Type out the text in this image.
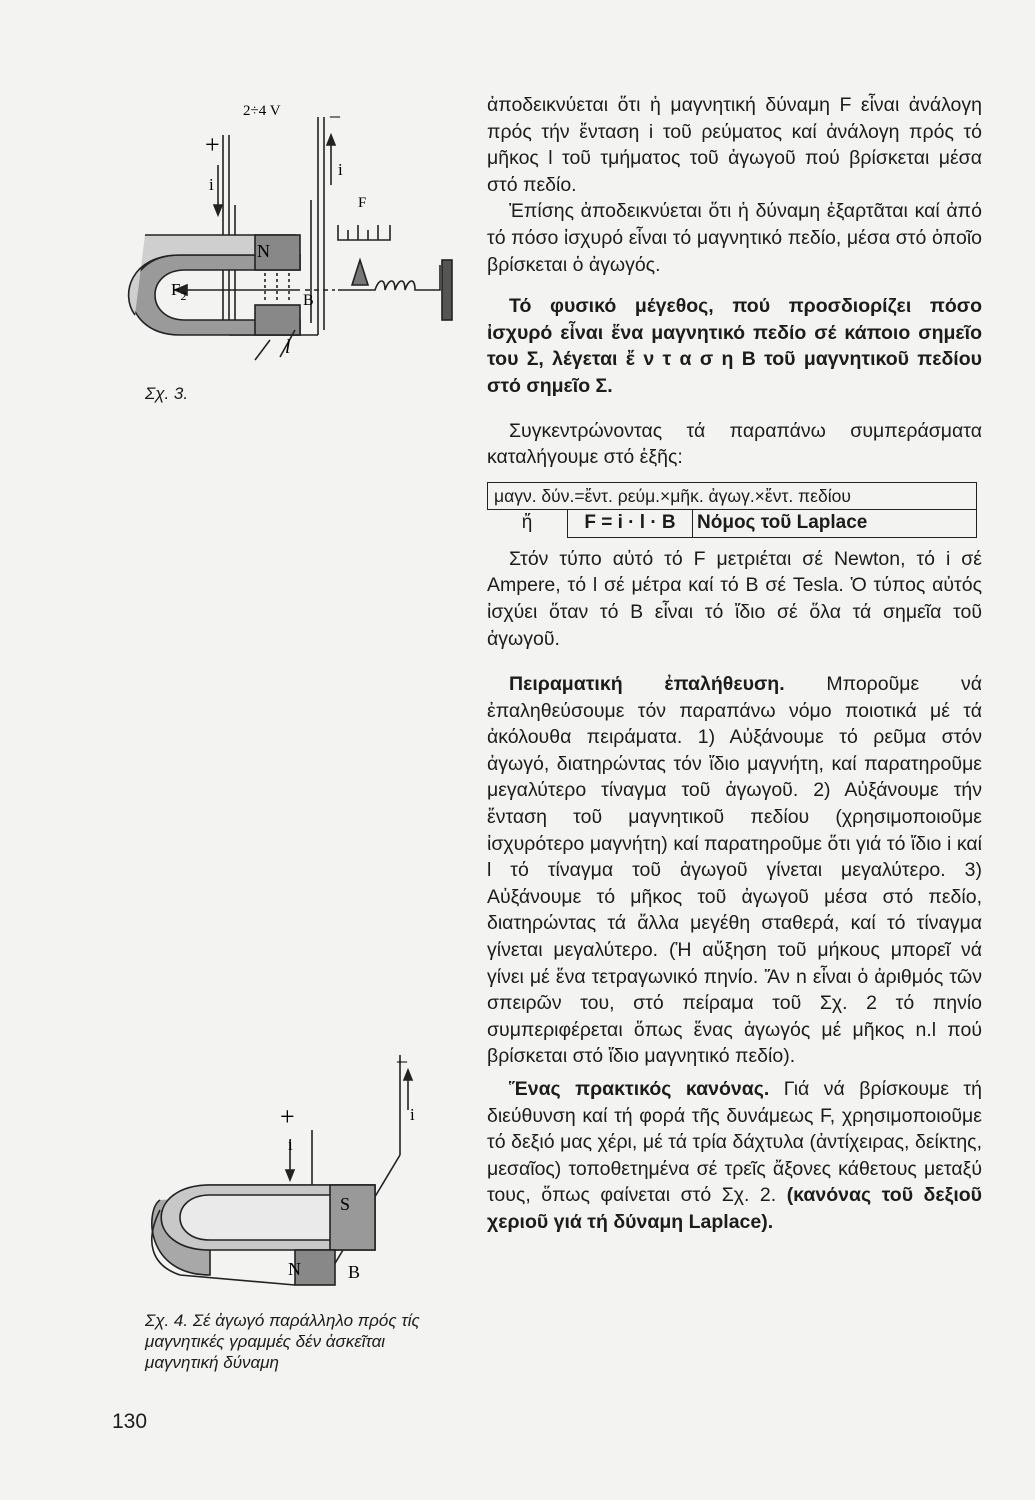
2÷4 V _
+
i
i
F
N
$F_2$	B
l
Σχ. 3.
+
_
i
i
S
N	B
Σχ. 4. Σέ ἀγωγό παράλληλο πρός τίς μαγνητικές γραμμές δέν ἀσκεῖται μαγνητική δύναμη

ἀποδεικνύεται ὅτι ἡ μαγνητική δύναμη F εἶναι ἀνάλογη πρός τήν ἔνταση i τοῦ ρεύματος καί ἀνάλογη πρός τό μῆκος l τοῦ τμήματος τοῦ ἀγωγοῦ πού βρίσκεται μέσα στό πεδίο.

Ἐπίσης ἀποδεικνύεται ὅτι ἡ δύναμη ἐξαρτᾶται καί ἀπό τό πόσο ἰσχυρό εἶναι τό μαγνητικό πεδίο, μέσα στό ὁποῖο βρίσκεται ὁ ἀγωγός.

Τό φυσικό μέγεθος, πού προσδιορίζει πόσο ἰσχυρό εἶναι ἕνα μαγνητικό πεδίο σέ κάποιο σημεῖο του Σ, λέγεται ἔ ν τ α σ η B τοῦ μαγνητικοῦ πεδίου στό σημεῖο Σ.

Συγκεντρώνοντας τά παραπάνω συμπεράσματα καταλήγουμε στό ἑξῆς:

μαγν. δύν.=ἔντ. ρεύμ.×μῆκ. ἀγωγ.×ἔντ. πεδίου
ἤ	F = i · l · B	Νόμος τοῦ Laplace

Στόν τύπο αὐτό τό F μετριέται σέ Newton, τό i σέ Ampere, τό l σέ μέτρα καί τό B σέ Tesla. Ὁ τύπος αὐτός ἰσχύει ὅταν τό B εἶναι τό ἴδιο σέ ὅλα τά σημεῖα τοῦ ἀγωγοῦ.

Πειραματική ἐπαλήθευση. Μποροῦμε νά ἐπαληθεύσουμε τόν παραπάνω νόμο ποιοτικά μέ τά ἀκόλουθα πειράματα. 1) Αὐξάνουμε τό ρεῦμα στόν ἀγωγό, διατηρώντας τόν ἴδιο μαγνήτη, καί παρατηροῦμε μεγαλύτερο τίναγμα τοῦ ἀγωγοῦ. 2) Αὐξάνουμε τήν ἔνταση τοῦ μαγνητικοῦ πεδίου (χρησιμοποιοῦμε ἰσχυρότερο μαγνήτη) καί παρατηροῦμε ὅτι γιά τό ἴδιο i καί l τό τίναγμα τοῦ ἀγωγοῦ γίνεται μεγαλύτερο. 3) Αὐξάνουμε τό μῆκος τοῦ ἀγωγοῦ μέσα στό πεδίο, διατηρώντας τά ἄλλα μεγέθη σταθερά, καί τό τίναγμα γίνεται μεγαλύτερο. (Ἡ αὔξηση τοῦ μήκους μπορεῖ νά γίνει μέ ἕνα τετραγωνικό πηνίο. Ἄν n εἶναι ὁ ἀριθμός τῶν σπειρῶν του, στό πείραμα τοῦ Σχ. 2 τό πηνίο συμπεριφέρεται ὅπως ἕνας ἀγωγός μέ μῆκος n.l πού βρίσκεται στό ἴδιο μαγνητικό πεδίο).

Ἕνας πρακτικός κανόνας. Γιά νά βρίσκουμε τή διεύθυνση καί τή φορά τῆς δυνάμεως F, χρησιμοποιοῦμε τό δεξιό μας χέρι, μέ τά τρία δάχτυλα (ἀντίχειρας, δείκτης, μεσαῖος) τοποθετημένα σέ τρεῖς ἄξονες κάθετους μεταξύ τους, ὅπως φαίνεται στό Σχ. 2. (κανόνας τοῦ δεξιοῦ χεριοῦ γιά τή δύναμη Laplace).

130
